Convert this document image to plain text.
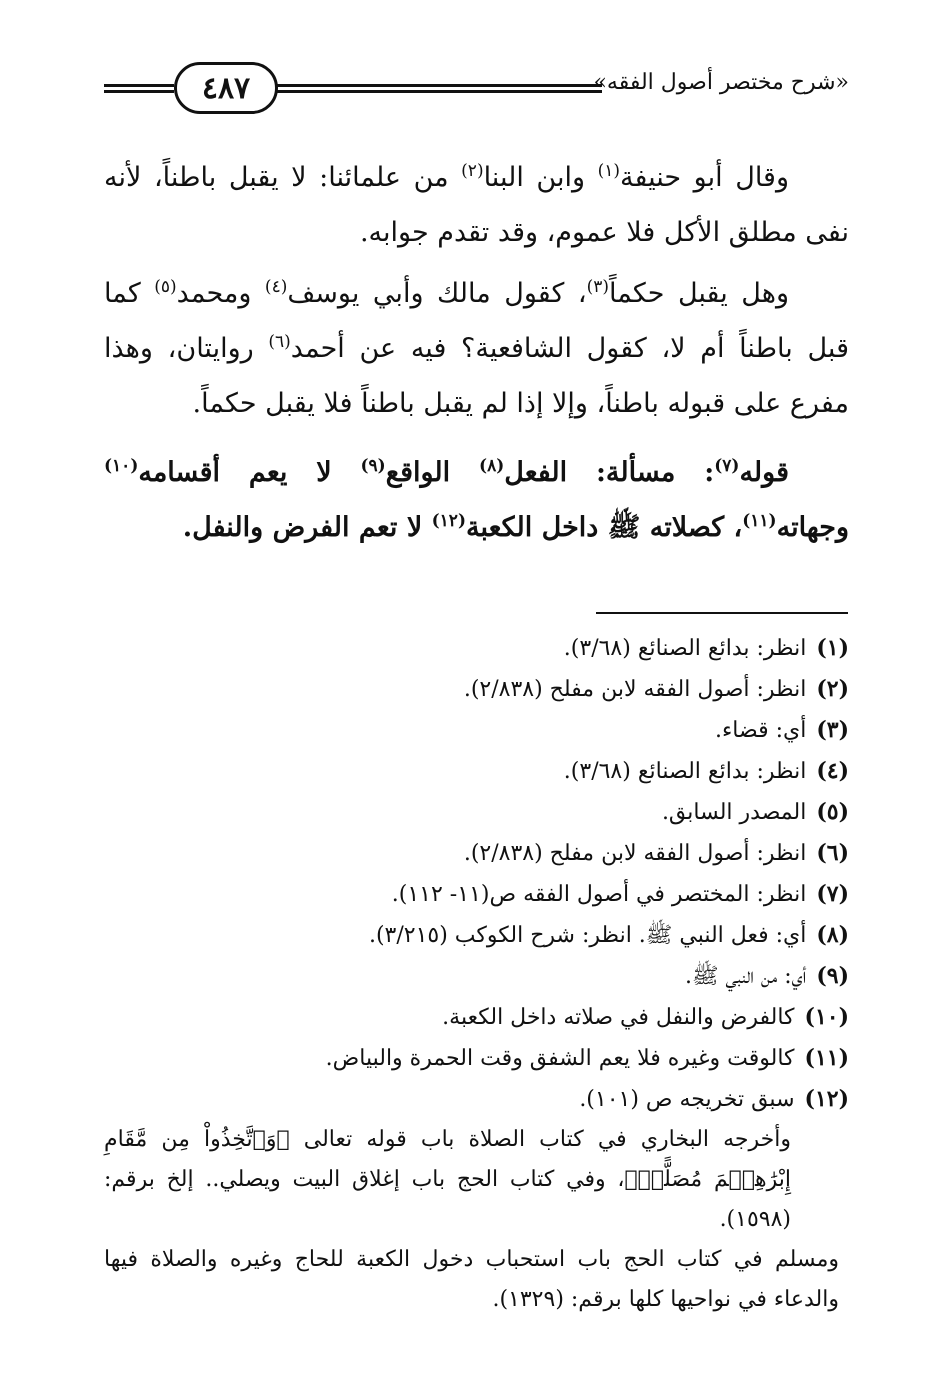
٤٨٧	«شرح مختصر أصول الفقه»

وقال أبو حنيفة$^{(١)}$ وابن البنا$^{(٢)}$ من علمائنا: لا يقبل باطناً، لأنه نفى مطلق الأكل فلا عموم، وقد تقدم جوابه.

وهل يقبل حكماً$^{(٣)}$، كقول مالك وأبي يوسف$^{(٤)}$ ومحمد$^{(٥)}$ كما قبل باطناً أم لا، كقول الشافعية؟ فيه عن أحمد$^{(٦)}$ روايتان، وهذا مفرع على قبوله باطناً، وإلا إذا لم يقبل باطناً فلا يقبل حكماً.

قوله$^{(٧)}$: مسألة: الفعل$^{(٨)}$ الواقع$^{(٩)}$ لا يعم أقسامه$^{(١٠)}$ وجهاته$^{(١١)}$، كصلاته ﷺ داخل الكعبة$^{(١٢)}$ لا تعم الفرض والنفل.

(١)انظر: بدائع الصنائع (٣/٦٨).

(٢)انظر: أصول الفقه لابن مفلح (٢/٨٣٨).

(٣)أي: قضاء.

(٤)انظر: بدائع الصنائع (٣/٦٨).

(٥)المصدر السابق.

(٦)انظر: أصول الفقه لابن مفلح (٢/٨٣٨).

(٧)انظر: المختصر في أصول الفقه ص(١١- ١١٢).

(٨)أي: فعل النبي ﷺ. انظر: شرح الكوكب (٣/٢١٥).

(٩)أي: من النبي ﷺ.

(١٠)كالفرض والنفل في صلاته داخل الكعبة.

(١١)كالوقت وغيره فلا يعم الشفق وقت الحمرة والبياض.

(١٢)سبق تخريجه ص (١٠١).

وأخرجه البخاري في كتاب الصلاة باب قوله تعالى ﴿وَٱتَّخِذُواْ مِن مَّقَامِ إِبْرَٰهِـۧمَ مُصَلًّىۖ﴾، وفي كتاب الحج باب إغلاق البيت ويصلي.. إلخ برقم: (١٥٩٨).

ومسلم في كتاب الحج باب استحباب دخول الكعبة للحاج وغيره والصلاة فيها والدعاء في نواحيها كلها برقم: (١٣٢٩).
